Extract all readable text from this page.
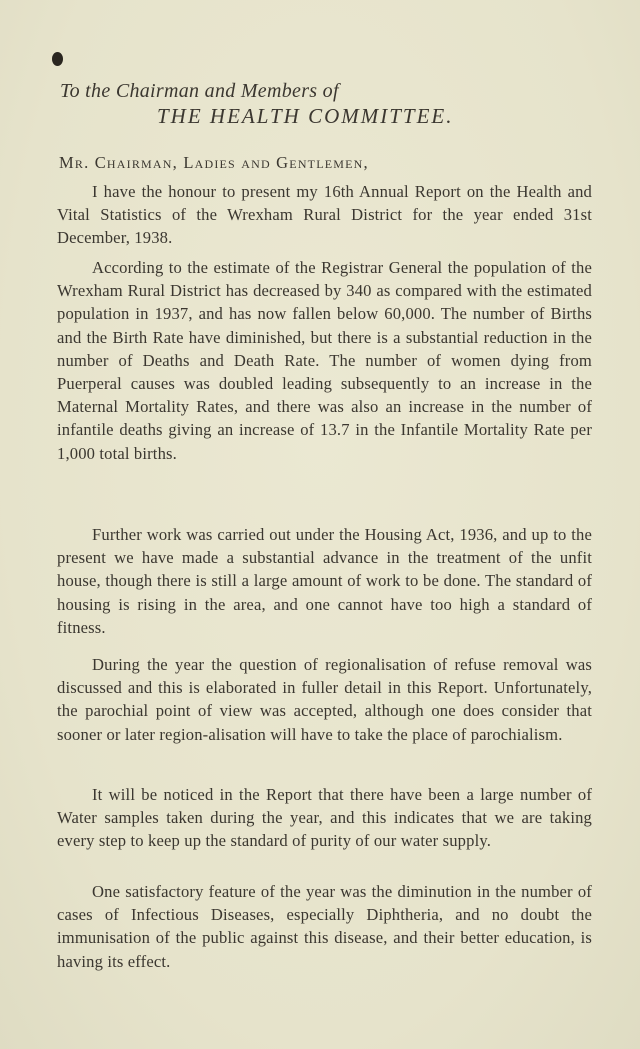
To the Chairman and Members of
THE HEALTH COMMITTEE.
Mr. Chairman, Ladies and Gentlemen,

I have the honour to present my 16th Annual Report on the Health and Vital Statistics of the Wrexham Rural District for the year ended 31st December, 1938.

According to the estimate of the Registrar General the population of the Wrexham Rural District has decreased by 340 as compared with the estimated population in 1937, and has now fallen below 60,000. The number of Births and the Birth Rate have diminished, but there is a substantial reduction in the number of Deaths and Death Rate. The number of women dying from Puerperal causes was doubled leading subsequently to an increase in the Maternal Mortality Rates, and there was also an increase in the number of infantile deaths giving an increase of 13.7 in the Infantile Mortality Rate per 1,000 total births.

Further work was carried out under the Housing Act, 1936, and up to the present we have made a substantial advance in the treatment of the unfit house, though there is still a large amount of work to be done. The standard of housing is rising in the area, and one cannot have too high a standard of fitness.

During the year the question of regionalisation of refuse removal was discussed and this is elaborated in fuller detail in this Report. Unfortunately, the parochial point of view was accepted, although one does consider that sooner or later region-alisation will have to take the place of parochialism.

It will be noticed in the Report that there have been a large number of Water samples taken during the year, and this indicates that we are taking every step to keep up the standard of purity of our water supply.

One satisfactory feature of the year was the diminution in the number of cases of Infectious Diseases, especially Diphtheria, and no doubt the immunisation of the public against this disease, and their better education, is having its effect.
